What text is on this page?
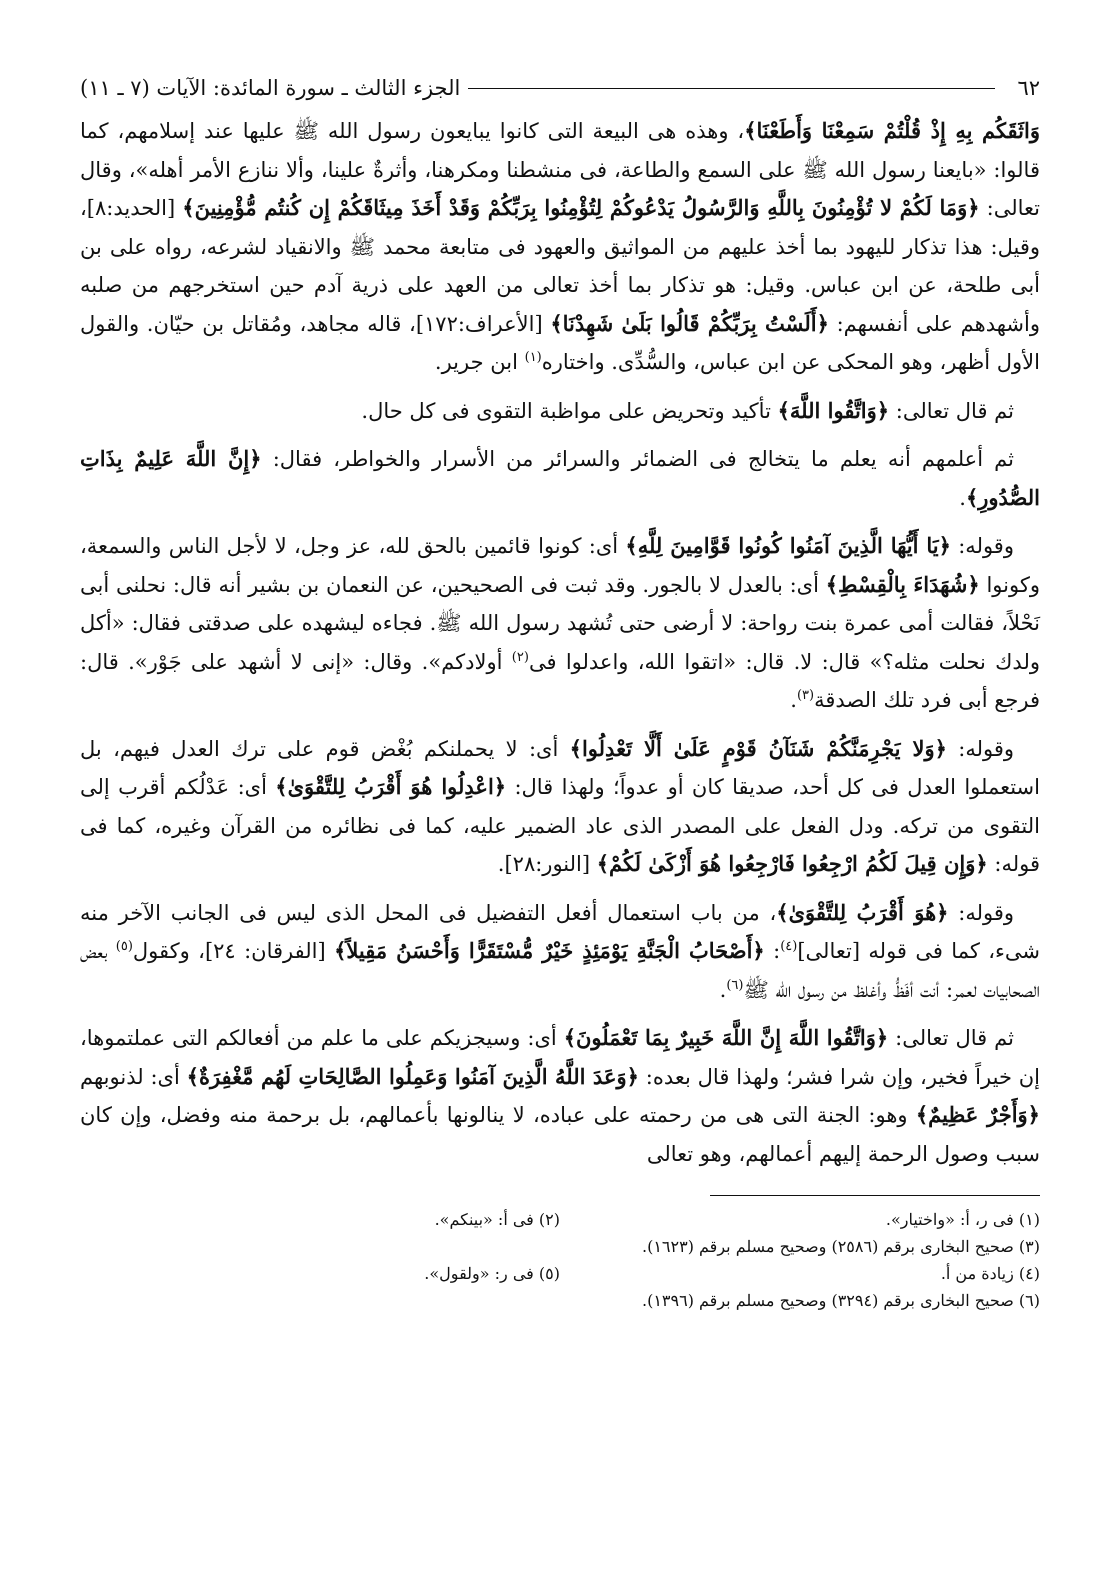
٦٢
الجزء الثالث ـ سورة المائدة: الآيات (٧ ـ ١١)

وَاثَقَكُم بِهِ إِذْ قُلْتُمْ سَمِعْنَا وَأَطَعْنَا﴾، وهذه هى البيعة التى كانوا يبايعون رسول الله ﷺ عليها عند إسلامهم، كما قالوا: «بايعنا رسول الله ﷺ على السمع والطاعة، فى منشطنا ومكرهنا، وأثرةٌ علينا، وألا ننازع الأمر أهله»، وقال تعالى: ﴿وَمَا لَكُمْ لا تُؤْمِنُونَ بِاللَّهِ وَالرَّسُولُ يَدْعُوكُمْ لِتُؤْمِنُوا بِرَبِّكُمْ وَقَدْ أَخَذَ مِيثَاقَكُمْ إِن كُنتُم مُّؤْمِنِينَ﴾ [الحديد:٨]، وقيل: هذا تذكار لليهود بما أخذ عليهم من المواثيق والعهود فى متابعة محمد ﷺ والانقياد لشرعه، رواه على بن أبى طلحة، عن ابن عباس. وقيل: هو تذكار بما أخذ تعالى من العهد على ذرية آدم حين استخرجهم من صلبه وأشهدهم على أنفسهم: ﴿أَلَسْتُ بِرَبِّكُمْ قَالُوا بَلَىٰ شَهِدْنَا﴾ [الأعراف:١٧٢]، قاله مجاهد، ومُقاتل بن حيّان. والقول الأول أظهر، وهو المحكى عن ابن عباس، والسُّدِّى. واختاره$^{(١)}$ ابن جرير.

ثم قال تعالى: ﴿وَاتَّقُوا اللَّهَ﴾ تأكيد وتحريض على مواظبة التقوى فى كل حال.

ثم أعلمهم أنه يعلم ما يتخالج فى الضمائر والسرائر من الأسرار والخواطر، فقال: ﴿إِنَّ اللَّهَ عَلِيمٌ بِذَاتِ الصُّدُورِ﴾.

وقوله: ﴿يَا أَيُّهَا الَّذِينَ آمَنُوا كُونُوا قَوَّامِينَ لِلَّهِ﴾ أى: كونوا قائمين بالحق لله، عز وجل، لا لأجل الناس والسمعة، وكونوا ﴿شُهَدَاءَ بِالْقِسْطِ﴾ أى: بالعدل لا بالجور. وقد ثبت فى الصحيحين، عن النعمان بن بشير أنه قال: نحلنى أبى نَحْلاً، فقالت أمى عمرة بنت رواحة: لا أرضى حتى تُشهد رسول الله ﷺ. فجاءه ليشهده على صدقتى فقال: «أكل ولدك نحلت مثله؟» قال: لا. قال: «اتقوا الله، واعدلوا فى$^{(٢)}$ أولادكم». وقال: «إنى لا أشهد على جَوْر». قال: فرجع أبى فرد تلك الصدقة$^{(٣)}$.

وقوله: ﴿وَلا يَجْرِمَنَّكُمْ شَنَآنُ قَوْمٍ عَلَىٰ أَلَّا تَعْدِلُوا﴾ أى: لا يحملنكم بُغْض قوم على ترك العدل فيهم، بل استعملوا العدل فى كل أحد، صديقا كان أو عدواً؛ ولهذا قال: ﴿اعْدِلُوا هُوَ أَقْرَبُ لِلتَّقْوَىٰ﴾ أى: عَدْلُكم أقرب إلى التقوى من تركه. ودل الفعل على المصدر الذى عاد الضمير عليه، كما فى نظائره من القرآن وغيره، كما فى قوله: ﴿وَإِن قِيلَ لَكُمُ ارْجِعُوا فَارْجِعُوا هُوَ أَزْكَىٰ لَكُمْ﴾ [النور:٢٨].

وقوله: ﴿هُوَ أَقْرَبُ لِلتَّقْوَىٰ﴾، من باب استعمال أفعل التفضيل فى المحل الذى ليس فى الجانب الآخر منه شىء، كما فى قوله [تعالى]$^{(٤)}$: ﴿أَصْحَابُ الْجَنَّةِ يَوْمَئِذٍ خَيْرٌ مُّسْتَقَرًّا وَأَحْسَنُ مَقِيلاً﴾ [الفرقان: ٢٤]، وكقول$^{(٥)}$ بعض الصحابيات لعمر: أنت أفَظُّ وأغلظ من رسول الله ﷺ$^{(٦)}$.

ثم قال تعالى: ﴿وَاتَّقُوا اللَّهَ إِنَّ اللَّهَ خَبِيرٌ بِمَا تَعْمَلُونَ﴾ أى: وسيجزيكم على ما علم من أفعالكم التى عملتموها، إن خيراً فخير، وإن شرا فشر؛ ولهذا قال بعده: ﴿وَعَدَ اللَّهُ الَّذِينَ آمَنُوا وَعَمِلُوا الصَّالِحَاتِ لَهُم مَّغْفِرَةٌ﴾ أى: لذنوبهم ﴿وَأَجْرٌ عَظِيمٌ﴾ وهو: الجنة التى هى من رحمته على عباده، لا ينالونها بأعمالهم، بل برحمة منه وفضل، وإن كان سبب وصول الرحمة إليهم أعمالهم، وهو تعالى

(١) فى ر، أ: «واختيار».
(٢) فى أ: «بينكم».
(٣) صحيح البخارى برقم (٢٥٨٦) وصحيح مسلم برقم (١٦٢٣).
(٤) زيادة من أ.
(٥) فى ر: «ولقول».
(٦) صحيح البخارى برقم (٣٢٩٤) وصحيح مسلم برقم (١٣٩٦).
